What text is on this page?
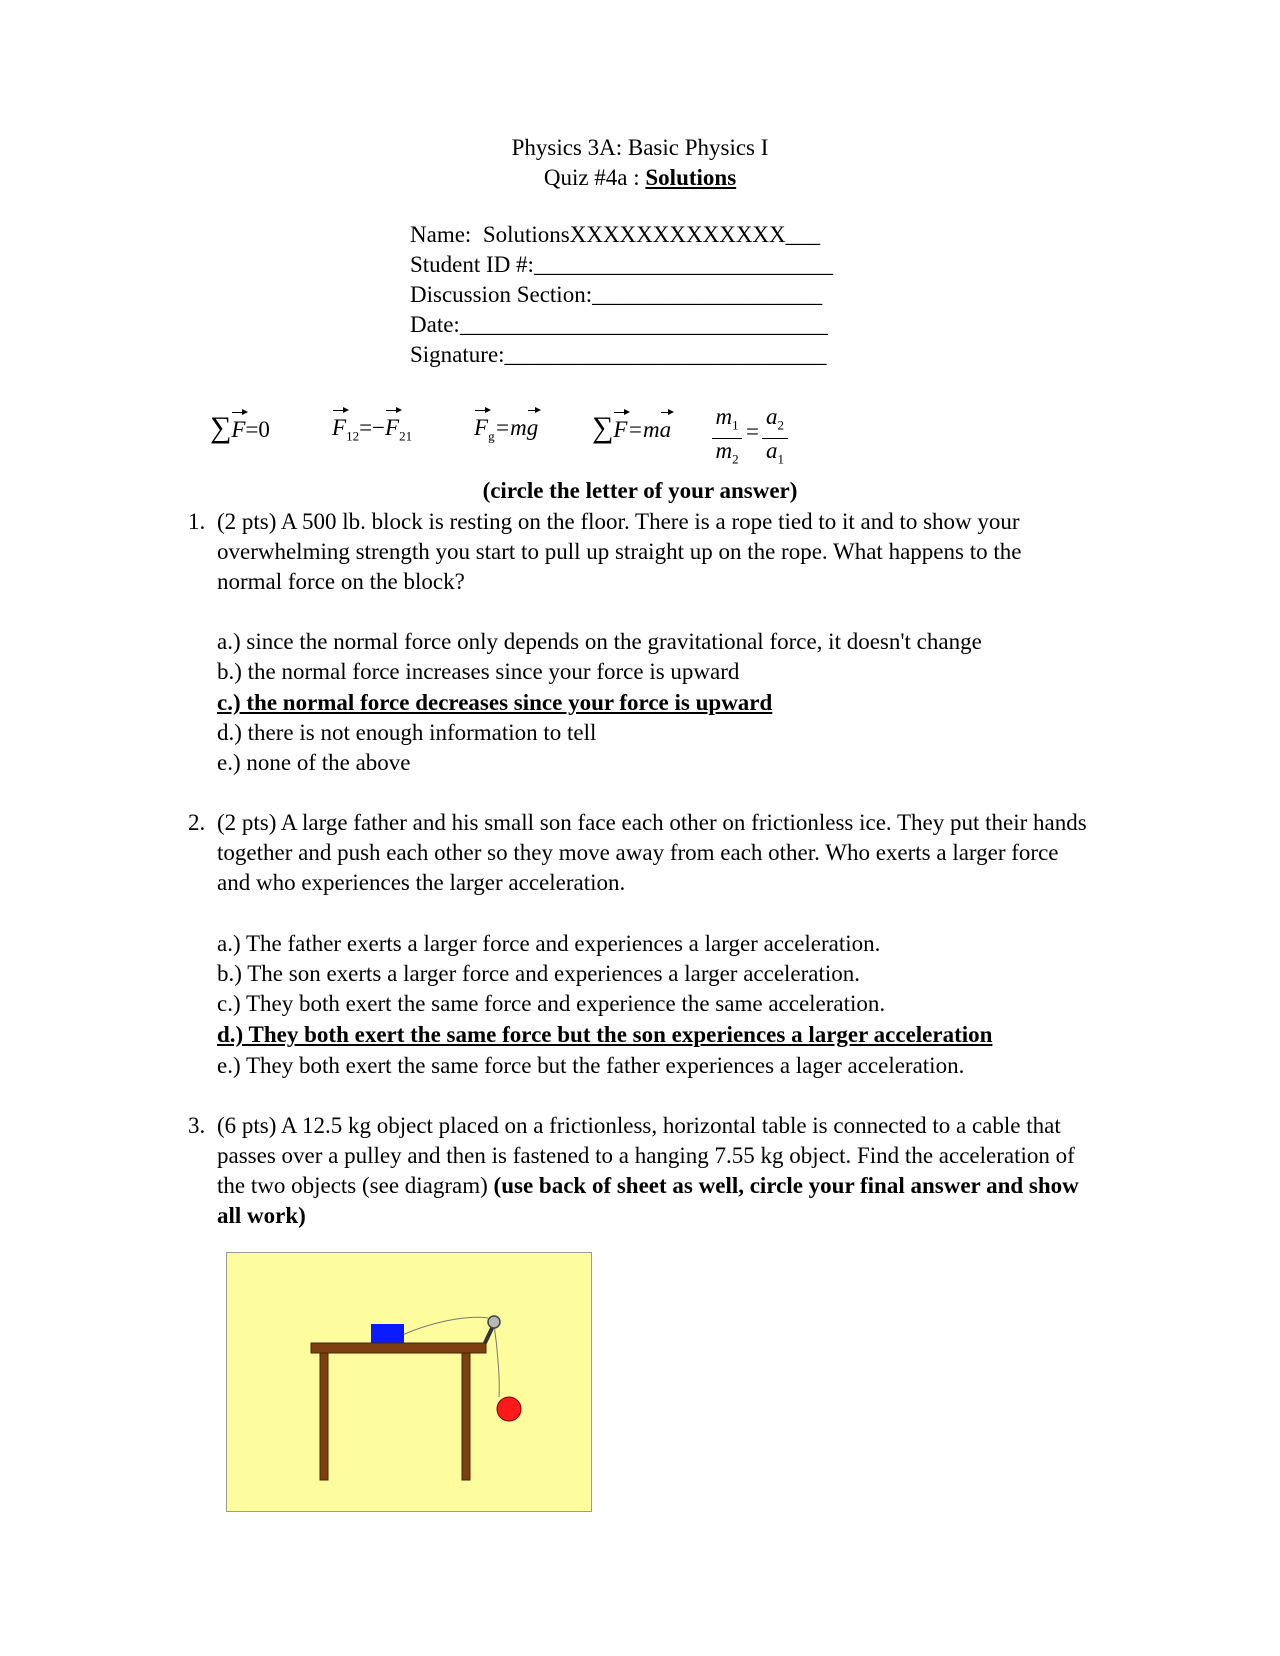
Physics 3A: Basic Physics I
Quiz #4a : Solutions
Name: SolutionsXXXXXXXXXXXXX___
Student ID #:__________________________
Discussion Section:____________________
Date:________________________________
Signature:____________________________
∑F=0	$F_{12}=-F_{21}$	$F_g=mg$ $\sum F=ma \frac{m_1}{m_2} = \frac{a_2}{a_1}$
(circle the letter of your answer)
1. (2 pts) A 500 lb. block is resting on the floor. There is a rope tied to it and to show your overwhelming strength you start to pull up straight up on the rope. What happens to the normal force on the block?
a.) since the normal force only depends on the gravitational force, it doesn't change
b.) the normal force increases since your force is upward
c.) the normal force decreases since your force is upward
d.) there is not enough information to tell
e.) none of the above
2. (2 pts) A large father and his small son face each other on frictionless ice. They put their hands together and push each other so they move away from each other. Who exerts a larger force and who experiences the larger acceleration.
a.) The father exerts a larger force and experiences a larger acceleration.
b.) The son exerts a larger force and experiences a larger acceleration.
c.) They both exert the same force and experience the same acceleration.
d.) They both exert the same force but the son experiences a larger acceleration
e.) They both exert the same force but the father experiences a lager acceleration.
3. (6 pts) A 12.5 kg object placed on a frictionless, horizontal table is connected to a cable that passes over a pulley and then is fastened to a hanging 7.55 kg object. Find the acceleration of the two objects (see diagram) (use back of sheet as well, circle your final answer and show all work)
